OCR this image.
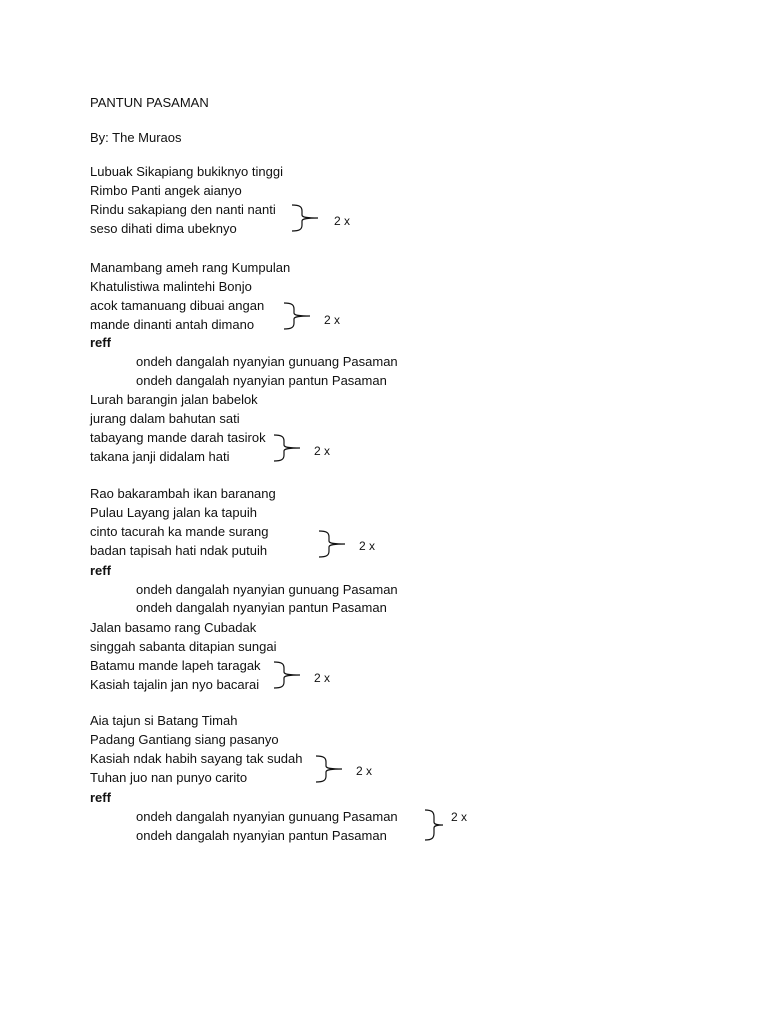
PANTUN PASAMAN
By: The Muraos
Lubuak Sikapiang bukiknyo tinggi
Rimbo Panti angek aianyo
Rindu sakapiang den nanti nanti
seso dihati dima ubeknyo	2 x
Manambang ameh rang Kumpulan
Khatulistiwa malintehi Bonjo
acok tamanuang dibuai angan
mande dinanti antah dimano	2 x
reff
ondeh dangalah nyanyian gunuang Pasaman
ondeh dangalah nyanyian pantun Pasaman
Lurah barangin jalan babelok
jurang dalam bahutan sati
tabayang mande darah tasirok
takana janji didalam hati	2 x
Rao bakarambah ikan baranang
Pulau Layang jalan ka tapuih
cinto tacurah ka mande surang
badan tapisah hati ndak putuih	2 x
reff
ondeh dangalah nyanyian gunuang Pasaman
ondeh dangalah nyanyian pantun Pasaman
Jalan basamo rang Cubadak
singgah sabanta ditapian sungai
Batamu mande lapeh taragak
Kasiah tajalin jan nyo bacarai	2 x
Aia tajun si Batang Timah
Padang Gantiang siang pasanyo
Kasiah ndak habih sayang tak sudah
Tuhan juo nan punyo carito	2 x
reff
ondeh dangalah nyanyian gunuang Pasaman
ondeh dangalah nyanyian pantun Pasaman
2 x
